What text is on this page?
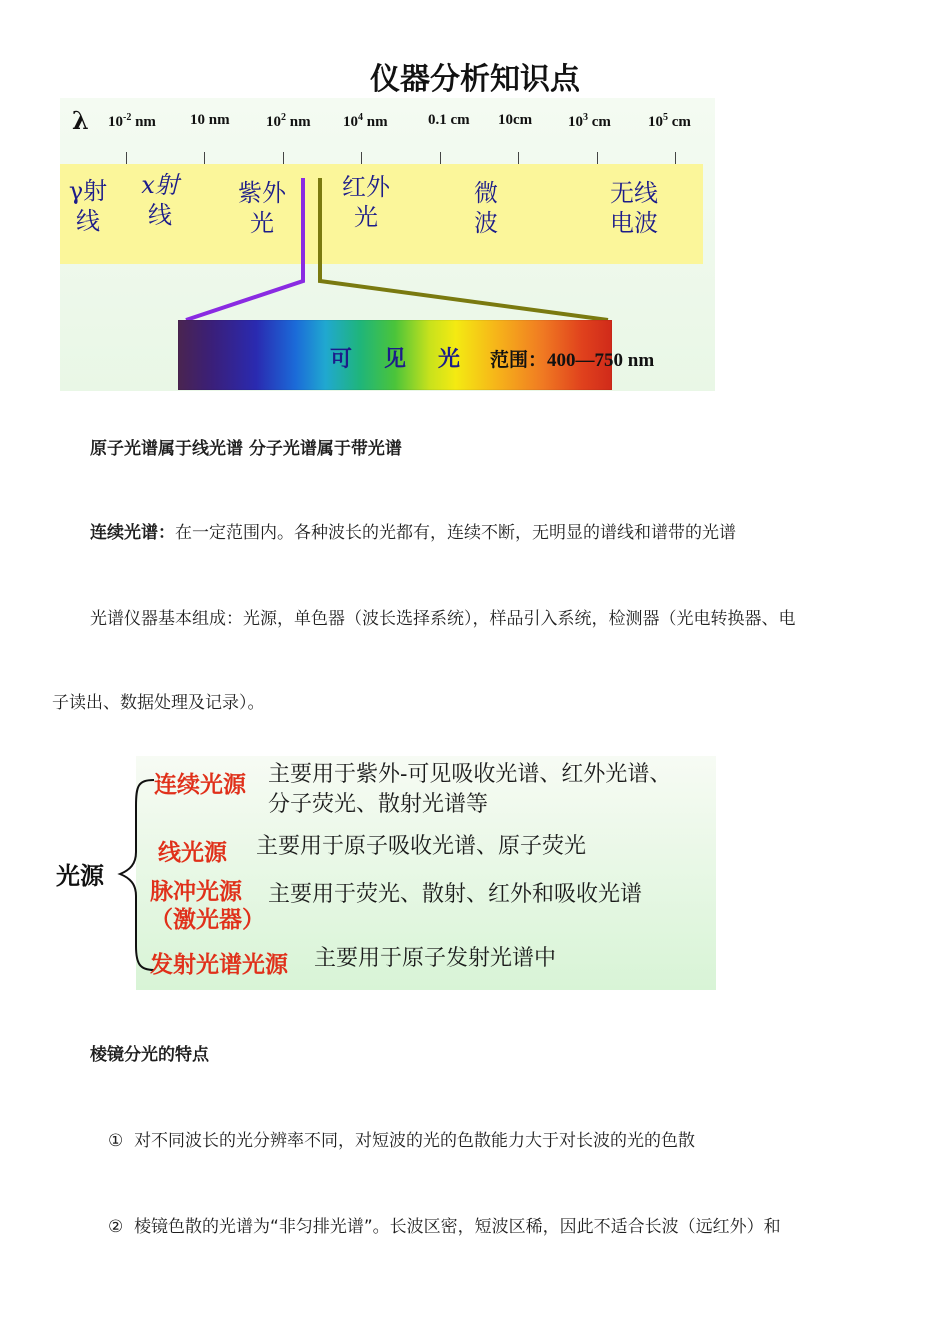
仪器分析知识点
λ $10^{-2}$ nm 10 nm $10^2$ nm $10^4$ nm	0.1 cm 10cm $10^3$ cm $10^5$ cm
γ射
线
x射
线
紫外
光
红外
光
微
波
无线
电波
可 见 光 范围：400—750 nm
原子光谱属于线光谱 分子光谱属于带光谱
连续光谱：在一定范围内。各种波长的光都有，连续不断，无明显的谱线和谱带的光谱
光谱仪器基本组成：光源，单色器（波长选择系统），样品引入系统，检测器（光电转换器、电
子读出、数据处理及记录）。
光源
连续光源 主要用于紫外-可见吸收光谱、红外光谱、
分子荧光、散射光谱等
线光源 主要用于原子吸收光谱、原子荧光
脉冲光源
（激光器）
主要用于荧光、散射、红外和吸收光谱
发射光谱光源 主要用于原子发射光谱中
棱镜分光的特点
① 对不同波长的光分辨率不同，对短波的光的色散能力大于对长波的光的色散
② 棱镜色散的光谱为“非匀排光谱”。长波区密，短波区稀，因此不适合长波（远红外）和
